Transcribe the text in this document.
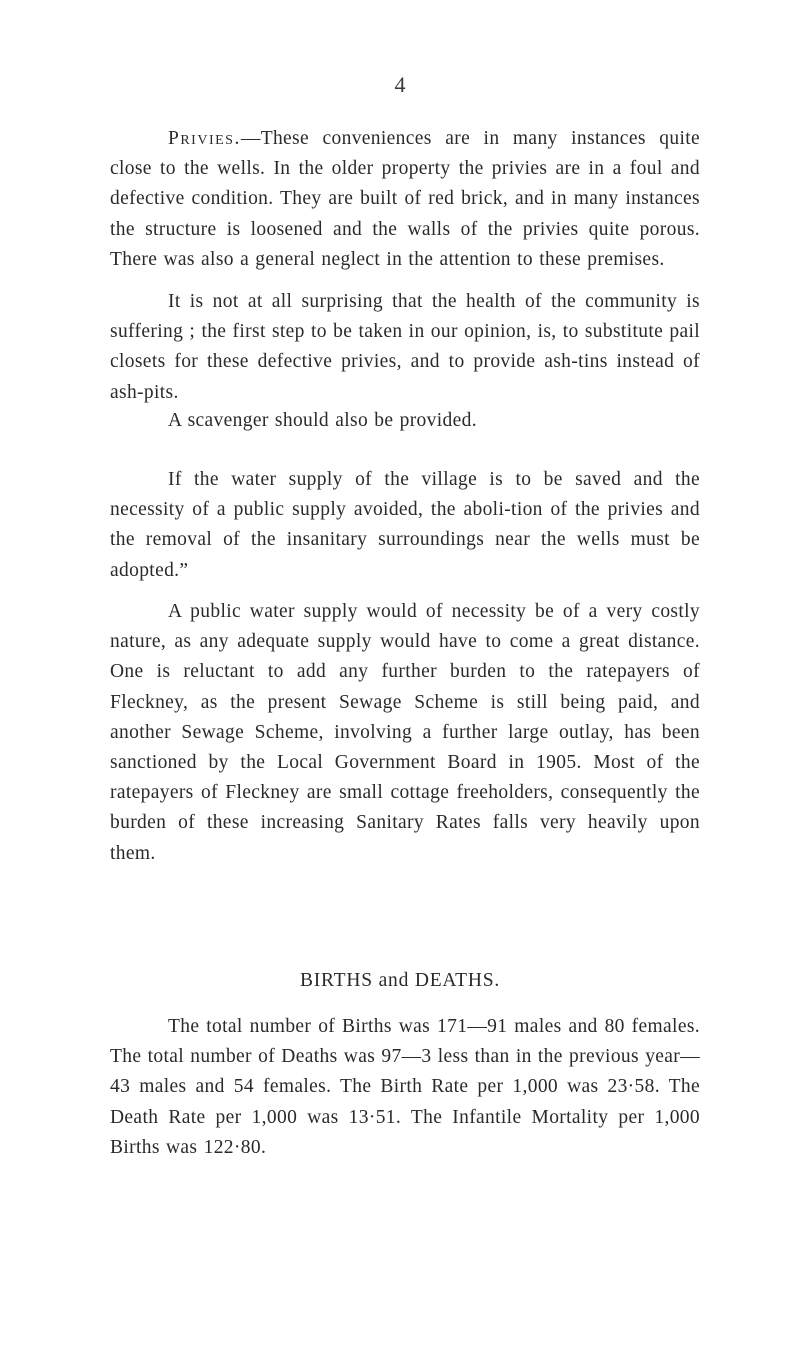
4

Privies.—These conveniences are in many instances quite close to the wells. In the older property the privies are in a foul and defective condition. They are built of red brick, and in many instances the structure is loosened and the walls of the privies quite porous. There was also a general neglect in the attention to these premises.

It is not at all surprising that the health of the community is suffering ; the first step to be taken in our opinion, is, to substitute pail closets for these defective privies, and to provide ash-tins instead of ash-pits.

A scavenger should also be provided.

If the water supply of the village is to be saved and the necessity of a public supply avoided, the aboli-tion of the privies and the removal of the insanitary surroundings near the wells must be adopted.”

A public water supply would of necessity be of a very costly nature, as any adequate supply would have to come a great distance. One is reluctant to add any further burden to the ratepayers of Fleckney, as the present Sewage Scheme is still being paid, and another Sewage Scheme, involving a further large outlay, has been sanctioned by the Local Government Board in 1905. Most of the ratepayers of Fleckney are small cottage freeholders, consequently the burden of these increasing Sanitary Rates falls very heavily upon them.

BIRTHS and DEATHS.

The total number of Births was 171—91 males and 80 females. The total number of Deaths was 97—3 less than in the previous year—43 males and 54 females. The Birth Rate per 1,000 was 23·58. The Death Rate per 1,000 was 13·51. The Infantile Mortality per 1,000 Births was 122·80.
